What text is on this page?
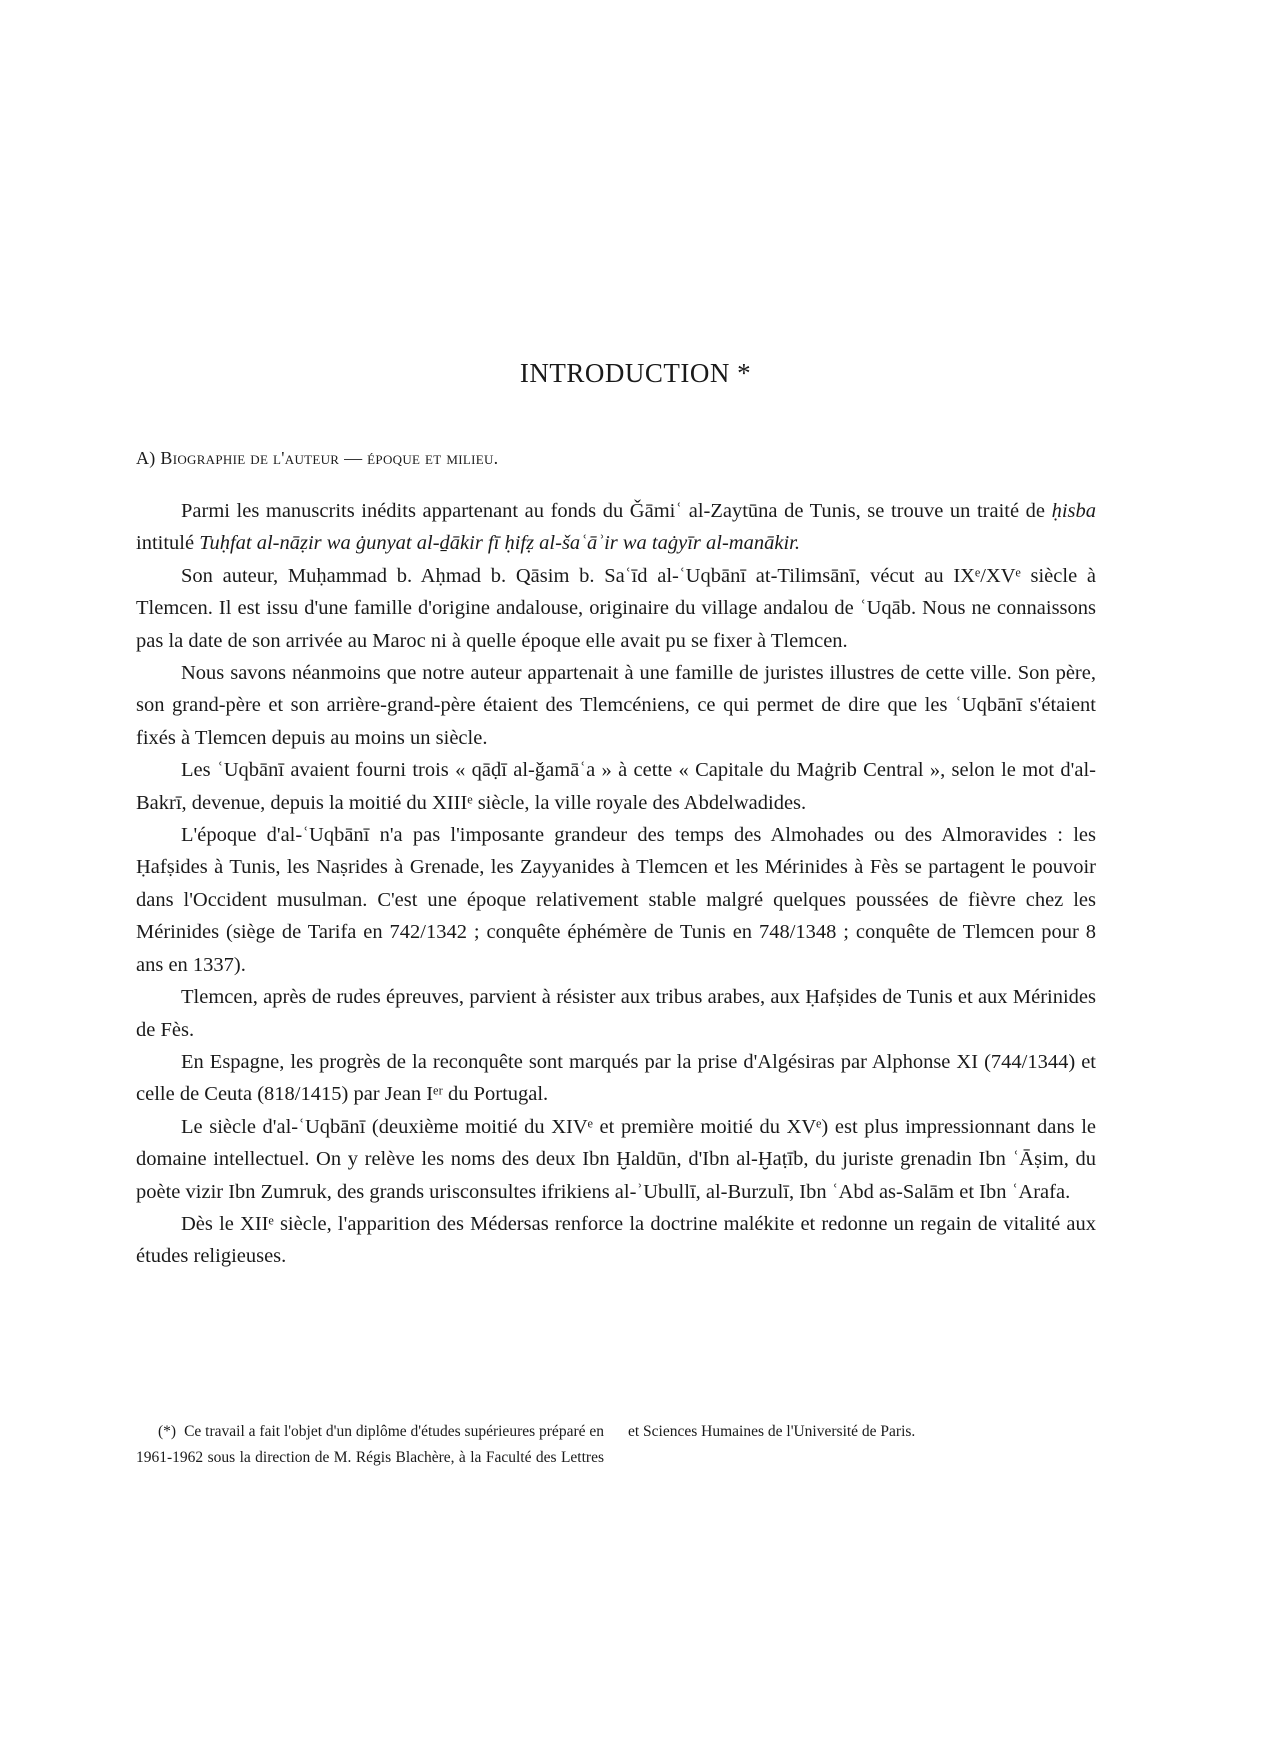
INTRODUCTION *
A) Biographie de l'auteur — époque et milieu.

Parmi les manuscrits inédits appartenant au fonds du Ǧāmiʿ al-Zaytūna de Tunis, se trouve un traité de ḥisba intitulé Tuḥfat al-nāẓir wa ġunyat al-ḏākir fī ḥifẓ al-šaʿāʾir wa taġyīr al-manākir.

Son auteur, Muḥammad b. Aḥmad b. Qāsim b. Saʿīd al-ʿUqbānī at-Tilimsānī, vécut au IXᵉ/XVᵉ siècle à Tlemcen. Il est issu d'une famille d'origine andalouse, originaire du village andalou de ʿUqāb. Nous ne connaissons pas la date de son arrivée au Maroc ni à quelle époque elle avait pu se fixer à Tlemcen.

Nous savons néanmoins que notre auteur appartenait à une famille de juristes illustres de cette ville. Son père, son grand-père et son arrière-grand-père étaient des Tlemcéniens, ce qui permet de dire que les ʿUqbānī s'étaient fixés à Tlemcen depuis au moins un siècle.

Les ʿUqbānī avaient fourni trois « qāḍī al-ǧamāʿa » à cette « Capitale du Maġrib Central », selon le mot d'al-Bakrī, devenue, depuis la moitié du XIIIᵉ siècle, la ville royale des Abdelwadides.

L'époque d'al-ʿUqbānī n'a pas l'imposante grandeur des temps des Almohades ou des Almoravides : les Ḥafṣides à Tunis, les Naṣrides à Grenade, les Zayyanides à Tlemcen et les Mérinides à Fès se partagent le pouvoir dans l'Occident musulman. C'est une époque relativement stable malgré quelques poussées de fièvre chez les Mérinides (siège de Tarifa en 742/1342 ; conquête éphémère de Tunis en 748/1348 ; conquête de Tlemcen pour 8 ans en 1337).

Tlemcen, après de rudes épreuves, parvient à résister aux tribus arabes, aux Ḥafṣides de Tunis et aux Mérinides de Fès.

En Espagne, les progrès de la reconquête sont marqués par la prise d'Algésiras par Alphonse XI (744/1344) et celle de Ceuta (818/1415) par Jean Iᵉʳ du Portugal.

Le siècle d'al-ʿUqbānī (deuxième moitié du XIVᵉ et première moitié du XVᵉ) est plus impressionnant dans le domaine intellectuel. On y relève les noms des deux Ibn Ḫaldūn, d'Ibn al-Ḫaṭīb, du juriste grenadin Ibn ʿĀṣim, du poète vizir Ibn Zumruk, des grands urisconsultes ifrikiens al-ʾUbullī, al-Burzulī, Ibn ʿAbd as-Salām et Ibn ʿArafa.

Dès le XIIᵉ siècle, l'apparition des Médersas renforce la doctrine malékite et redonne un regain de vitalité aux études religieuses.

(*) Ce travail a fait l'objet d'un diplôme d'études supérieures préparé en 1961-1962 sous la direction de M. Régis Blachère, à la Faculté des Lettres et Sciences Humaines de l'Université de Paris.
